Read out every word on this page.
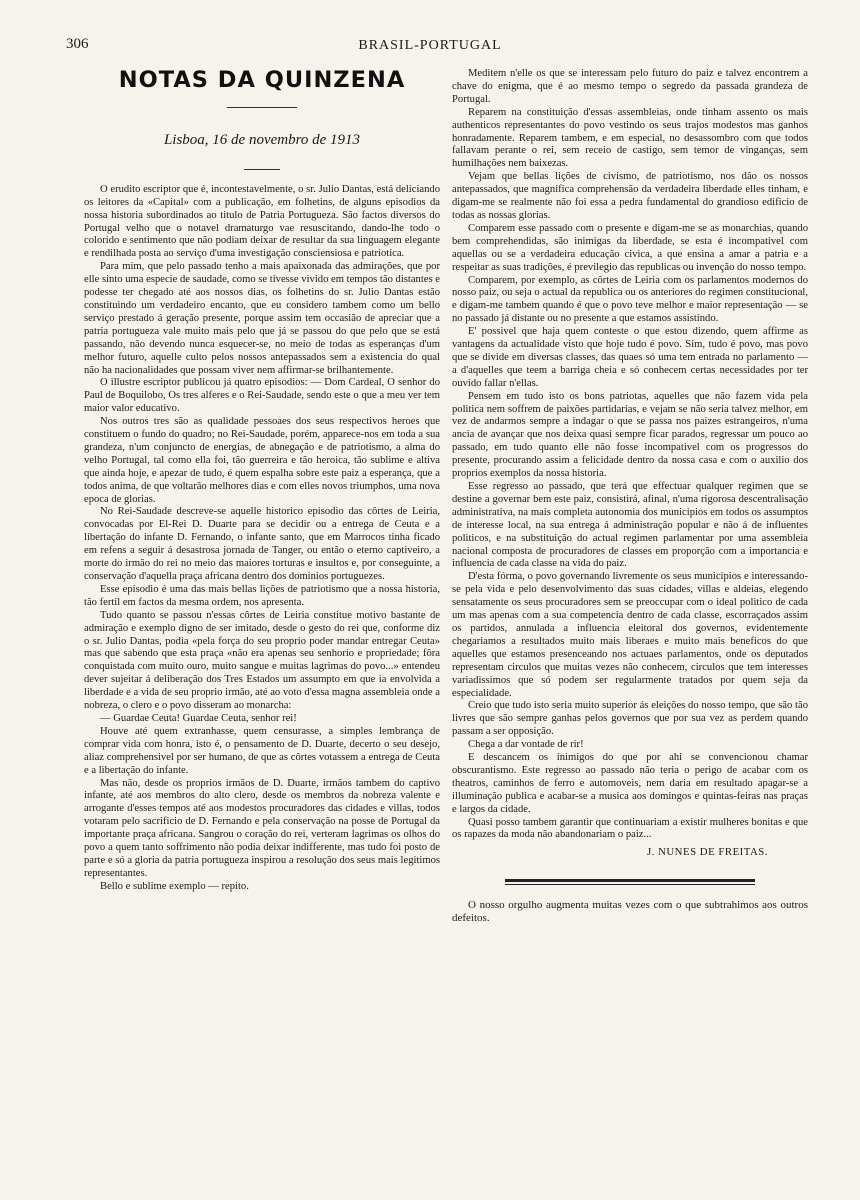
306	BRASIL-PORTUGAL
NOTAS DA QUINZENA
Lisboa, 16 de novembro de 1913

O erudito escriptor que é, incontestavelmente, o sr. Julio Dantas, está deliciando os leitores da «Capital» com a publicação, em folhetins, de alguns episodios da nossa historia subordinados ao titulo de Patria Portugueza. São factos diversos do Portugal velho que o notavel dramaturgo vae resuscitando, dando-lhe todo o colorido e sentimento que não podiam deixar de resultar da sua linguagem elegante e rendilhada posta ao serviço d'uma investigação consciensiosa e patriotica.

Para mim, que pelo passado tenho a mais apaixonada das admirações, que por elle sinto uma especie de saudade, como se tivesse vivido em tempos tão distantes e podesse ter chegado até aos nossos dias, os folhetins do sr. Julio Dantas estão constituindo um verdadeiro encanto, que eu considero tambem como um bello serviço prestado á geração presente, porque assim tem occasião de apreciar que a patria portugueza vale muito mais pelo que já se passou do que pelo que se está passando, não devendo nunca esquecer-se, no meio de todas as esperanças d'um melhor futuro, aquelle culto pelos nossos antepassados sem a existencia do qual não ha nacionalidades que possam viver nem affirmar-se brilhantemente.

O illustre escriptor publicou já quatro episodios: — Dom Cardeal, O senhor do Paul de Boquilobo, Os tres alferes e o Rei-Saudade, sendo este o que a meu ver tem maior valor educativo.

Nos outros tres são as qualidade pessoaes dos seus respectivos heroes que constituem o fundo do quadro; no Rei-Saudade, porém, apparece-nos em toda a sua grandeza, n'um conjuncto de energias, de abnegação e de patriotismo, a alma do velho Portugal, tal como ella foi, tão guerreira e tão heroica, tão sublime e altiva que ainda hoje, e apezar de tudo, é quem espalha sobre este paiz a esperança, que a todos anima, de que voltarão melhores dias e com elles novos triumphos, uma nova epoca de glorias.

No Rei-Saudade descreve-se aquelle historico episodio das côrtes de Leiria, convocadas por El-Rei D. Duarte para se decidir ou a entrega de Ceuta e a libertação do infante D. Fernando, o infante santo, que em Marrocos tinha ficado em refens a seguir á desastrosa jornada de Tanger, ou então o eterno captiveiro, a morte do irmão do rei no meio das maiores torturas e insultos e, por conseguinte, a conservação d'aquella praça africana dentro dos dominios portuguezes.

Esse episodio é uma das mais bellas lições de patriotismo que a nossa historia, tão fertil em factos da mesma ordem, nos apresenta.

Tudo quanto se passou n'essas côrtes de Leiria constitue motivo bastante de admiração e exemplo digno de ser imitado, desde o gesto do rei que, conforme diz o sr. Julio Dantas, podia «pela força do seu proprio poder mandar entregar Ceuta» mas que sabendo que esta praça «não era apenas seu senhorio e propriedade; fôra conquistada com muito ouro, muito sangue e muitas lagrimas do povo...» entendeu dever sujeitar á deliberação dos Tres Estados um assumpto em que ia envolvida a liberdade e a vida de seu proprio irmão, até ao voto d'essa magna assembleia onde a nobreza, o clero e o povo disseram ao monarcha:

— Guardae Ceuta! Guardae Ceuta, senhor rei!

Houve até quem extranhasse, quem censurasse, a simples lembrança de comprar vida com honra, isto é, o pensamento de D. Duarte, decerto o seu desejo, aliaz comprehensivel por ser humano, de que as côrtes votassem a entrega de Ceuta e a libertação do infante.

Mas não, desde os proprios irmãos de D. Duarte, irmãos tambem do captivo infante, até aos membros do alto clero, desde os membros da nobreza valente e arrogante d'esses tempos até aos modestos procuradores das cidades e villas, todos votaram pelo sacrificio de D. Fernando e pela conservação na posse de Portugal da importante praça africana. Sangrou o coração do rei, verteram lagrimas os olhos do povo a quem tanto soffrimento não podia deixar indifferente, mas tudo foi posto de parte e só a gloria da patria portugueza inspirou a resolução dos seus mais legitimos representantes.

Bello e sublime exemplo — repito.

Meditem n'elle os que se interessam pelo futuro do paiz e talvez encontrem a chave do enigma, que é ao mesmo tempo o segredo da passada grandeza de Portugal.

Reparem na constituição d'essas assembleias, onde tinham assento os mais authenticos representantes do povo vestindo os seus trajos modestos mas ganhos honradamente. Reparem tambem, e em especial, no desassombro com que todos fallavam perante o rei, sem receio de castigo, sem temor de vinganças, sem humilhações nem baixezas.

Vejam que bellas lições de civismo, de patriotismo, nos dão os nossos antepassados, que magnifica comprehensão da verdadeira liberdade elles tinham, e digam-me se realmente não foi essa a pedra fundamental do grandioso edificio de todas as nossas glorias.

Comparem esse passado com o presente e digam-me se as monarchias, quando bem comprehendidas, são inimigas da liberdade, se esta é incompativel com aquellas ou se a verdadeira educação civica, a que ensina a amar a patria e a respeitar as suas tradições, é previlegio das republicas ou invenção do nosso tempo.

Comparem, por exemplo, as côrtes de Leiria com os parlamentos modernos do nosso paiz, ou seja o actual da republica ou os anteriores do regimen constitucional, e digam-me tambem quando é que o povo teve melhor e maior representação — se no passado já distante ou no presente a que estamos assistindo.

E' possivel que haja quem conteste o que estou dizendo, quem affirme as vantagens da actualidade visto que hoje tudo é povo. Sim, tudo é povo, mas povo que se divide em diversas classes, das quaes só uma tem entrada no parlamento — a d'aquelles que teem a barriga cheia e só conhecem certas necessidades por ter ouvido fallar n'ellas.

Pensem em tudo isto os bons patriotas, aquelles que não fazem vida pela politica nem soffrem de paixões partidarias, e vejam se não seria talvez melhor, em vez de andarmos sempre a indagar o que se passa nos paizes estrangeiros, n'uma ancia de avançar que nos deixa quasi sempre ficar parados, regressar um pouco ao passado, em tudo quanto elle não fosse incompativel com os progressos do presente, procurando assim a felicidade dentro da nossa casa e com o auxilio dos proprios exemplos da nossa historia.

Esse regresso ao passado, que terá que effectuar qualquer regimen que se destine a governar bem este paiz, consistirá, afinal, n'uma rigorosa descentralisação administrativa, na mais completa autonomia dos municipios em todos os assumptos de interesse local, na sua entrega á administração popular e não á de influentes politicos, e na substituição do actual regimen parlamentar por uma assembleia nacional composta de procuradores de classes em proporção com a importancia e influencia de cada classe na vida do paiz.

D'esta fórma, o povo governando livremente os seus municipios e interessando-se pela vida e pelo desenvolvimento das suas cidades, villas e aldeias, elegendo sensatamente os seus procuradores sem se preoccupar com o ideal politico de cada um mas apenas com a sua competencia dentro de cada classe, escorraçados assim os partidos, annulada a influencia eleitoral dos governos, evidentemente chegariamos a resultados muito mais liberaes e muito mais beneficos do que aquelles que estamos presenceando nos actuaes parlamentos, onde os deputados representam circulos que muitas vezes não conhecem, circulos que tem interesses variadissimos que só podem ser regularmente tratados por quem seja da especialidade.

Creio que tudo isto seria muito superior ás eleições do nosso tempo, que são tão livres que são sempre ganhas pelos governos que por sua vez as perdem quando passam a ser opposição.

Chega a dar vontade de rir!

E descancem os inimigos do que por ahi se convencionou chamar obscurantismo. Este regresso ao passado não teria o perigo de acabar com os theatros, caminhos de ferro e automoveis, nem daria em resultado apagar-se a illuminação publica e acabar-se a musica aos domingos e quintas-feiras nas praças e largos da cidade.

Quasi posso tambem garantir que continuariam a existir mulheres bonitas e que os rapazes da moda não abandonariam o paiz...

J. NUNES DE FREITAS.

O nosso orgulho augmenta muitas vezes com o que subtrahimos aos outros defeitos.
